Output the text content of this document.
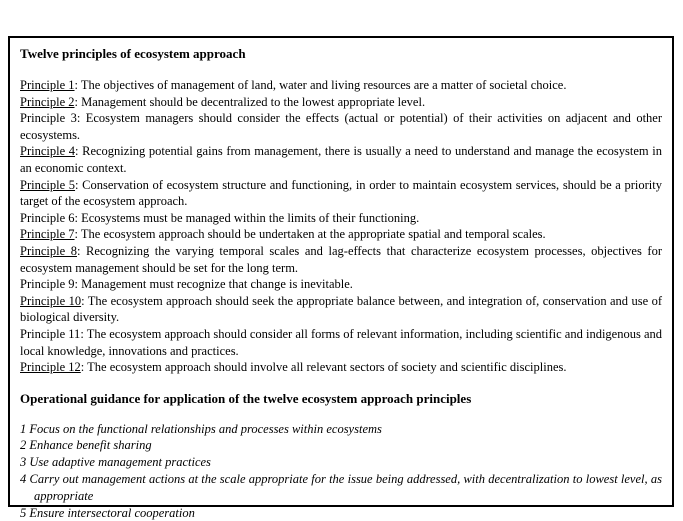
Twelve principles of ecosystem approach

Principle 1: The objectives of management of land, water and living resources are a matter of societal choice.

Principle 2: Management should be decentralized to the lowest appropriate level.

Principle 3: Ecosystem managers should consider the effects (actual or potential) of their activities on adjacent and other ecosystems.

Principle 4: Recognizing potential gains from management, there is usually a need to understand and manage the ecosystem in an economic context.

Principle 5: Conservation of ecosystem structure and functioning, in order to maintain ecosystem services, should be a priority target of the ecosystem approach.

Principle 6: Ecosystems must be managed within the limits of their functioning.

Principle 7: The ecosystem approach should be undertaken at the appropriate spatial and temporal scales.

Principle 8: Recognizing the varying temporal scales and lag-effects that characterize ecosystem processes, objectives for ecosystem management should be set for the long term.

Principle 9: Management must recognize that change is inevitable.

Principle 10: The ecosystem approach should seek the appropriate balance between, and integration of, conservation and use of biological diversity.

Principle 11: The ecosystem approach should consider all forms of relevant information, including scientific and indigenous and local knowledge, innovations and practices.

Principle 12: The ecosystem approach should involve all relevant sectors of society and scientific disciplines.

Operational guidance for application of the twelve ecosystem approach principles

1 Focus on the functional relationships and processes within ecosystems

2 Enhance benefit sharing

3 Use adaptive management practices

4 Carry out management actions at the scale appropriate for the issue being addressed, with decentralization to lowest level, as appropriate

5 Ensure intersectoral cooperation
